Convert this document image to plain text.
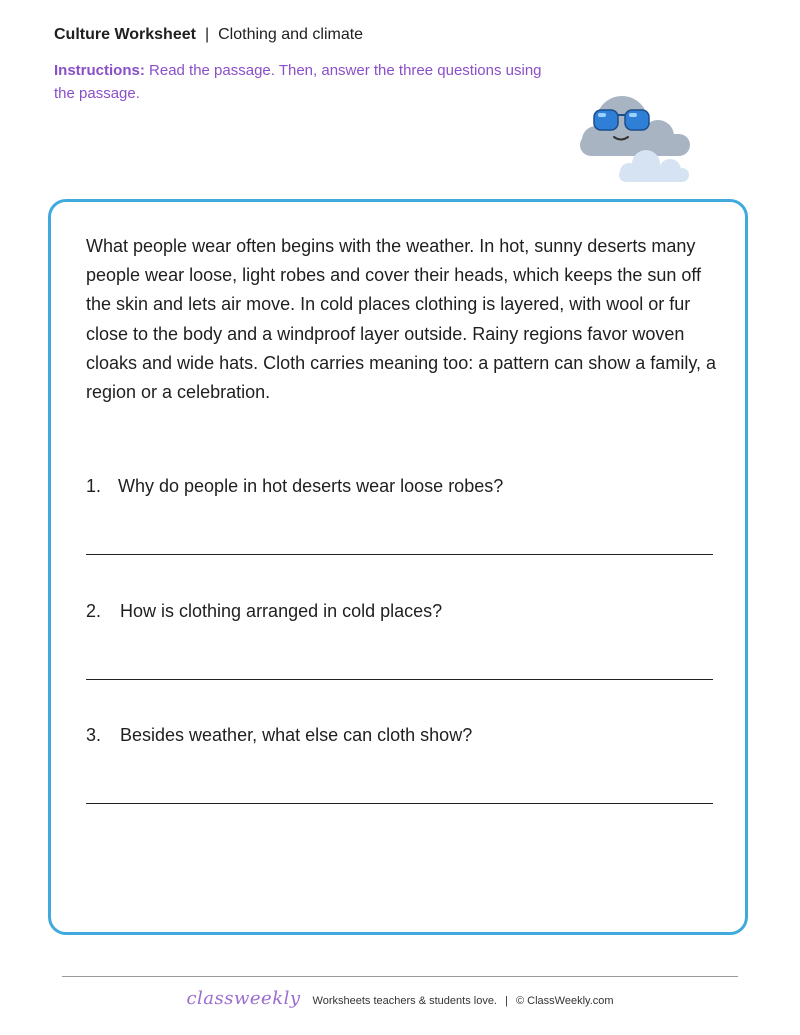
Culture Worksheet | Clothing and climate
Instructions: Read the passage. Then, answer the three questions using the passage.

What people wear often begins with the weather. In hot, sunny deserts many people wear loose, light robes and cover their heads, which keeps the sun off the skin and lets air move. In cold places clothing is layered, with wool or fur close to the body and a windproof layer outside. Rainy regions favor woven cloaks and wide hats. Cloth carries meaning too: a pattern can show a family, a region or a celebration.

1. Why do people in hot deserts wear loose robes?
2. How is clothing arranged in cold places?
3. Besides weather, what else can cloth show?
classweekly Worksheets teachers & students love. | © ClassWeekly.com
